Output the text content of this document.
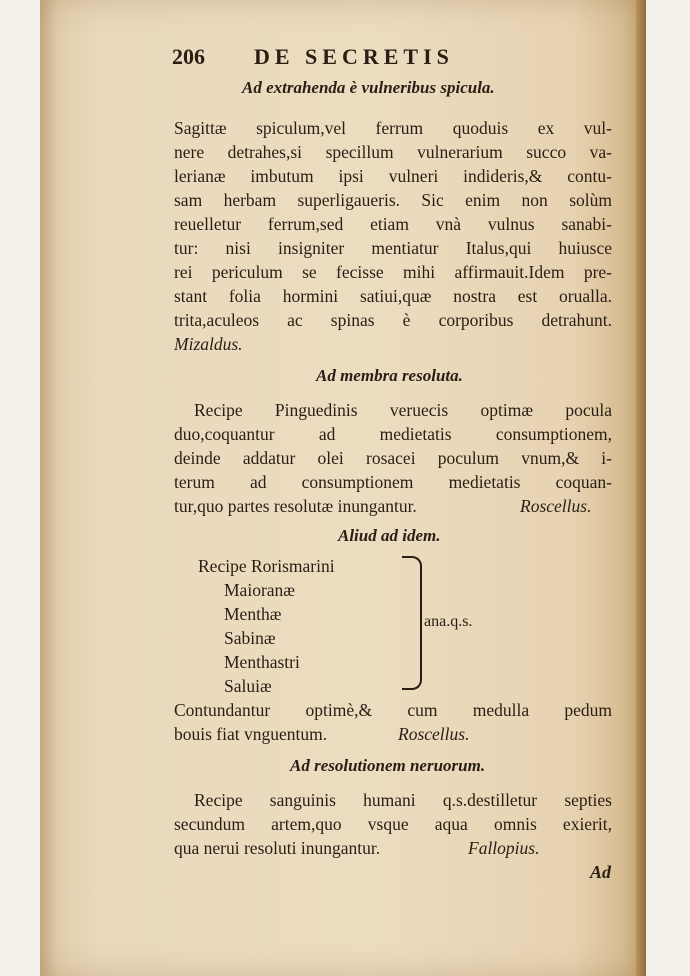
206 DE SECRETIS
Ad extrahenda è vulneribus spicula.
Sagittæ spiculum,vel ferrum quoduis ex vul-
nere detrahes,si specillum vulnerarium succo va-
lerianæ imbutum ipsi vulneri indideris,& contu-
sam herbam superligaueris. Sic enim non solùm
reuelletur ferrum,sed etiam vnà vulnus sanabi-
tur: nisi insigniter mentiatur Italus,qui huiusce
rei periculum se fecisse mihi affirmauit.Idem pre-
stant folia hormini satiui,quæ nostra est orualla.
trita,aculeos ac spinas è corporibus detrahunt.
Mizaldus.
Ad membra resoluta.
Recipe Pinguedinis veruecis optimæ pocula
duo,coquantur ad medietatis consumptionem,
deinde addatur olei rosacei poculum vnum,& i-
terum ad consumptionem medietatis coquan-
tur,quo partes resolutæ inungantur.	Roscellus.
Aliud ad idem.
Recipe Rorismarini
Maioranæ
Menthæ
Sabinæ
Menthastri
Saluiæ
ana.q.s.
Contundantur optimè,& cum medulla pedum
bouis fiat vnguentum.	Roscellus.
Ad resolutionem neruorum.
Recipe sanguinis humani q.s.destilletur septies
secundum artem,quo vsque aqua omnis exierit,
qua nerui resoluti inungantur.	Fallopius.
Ad
